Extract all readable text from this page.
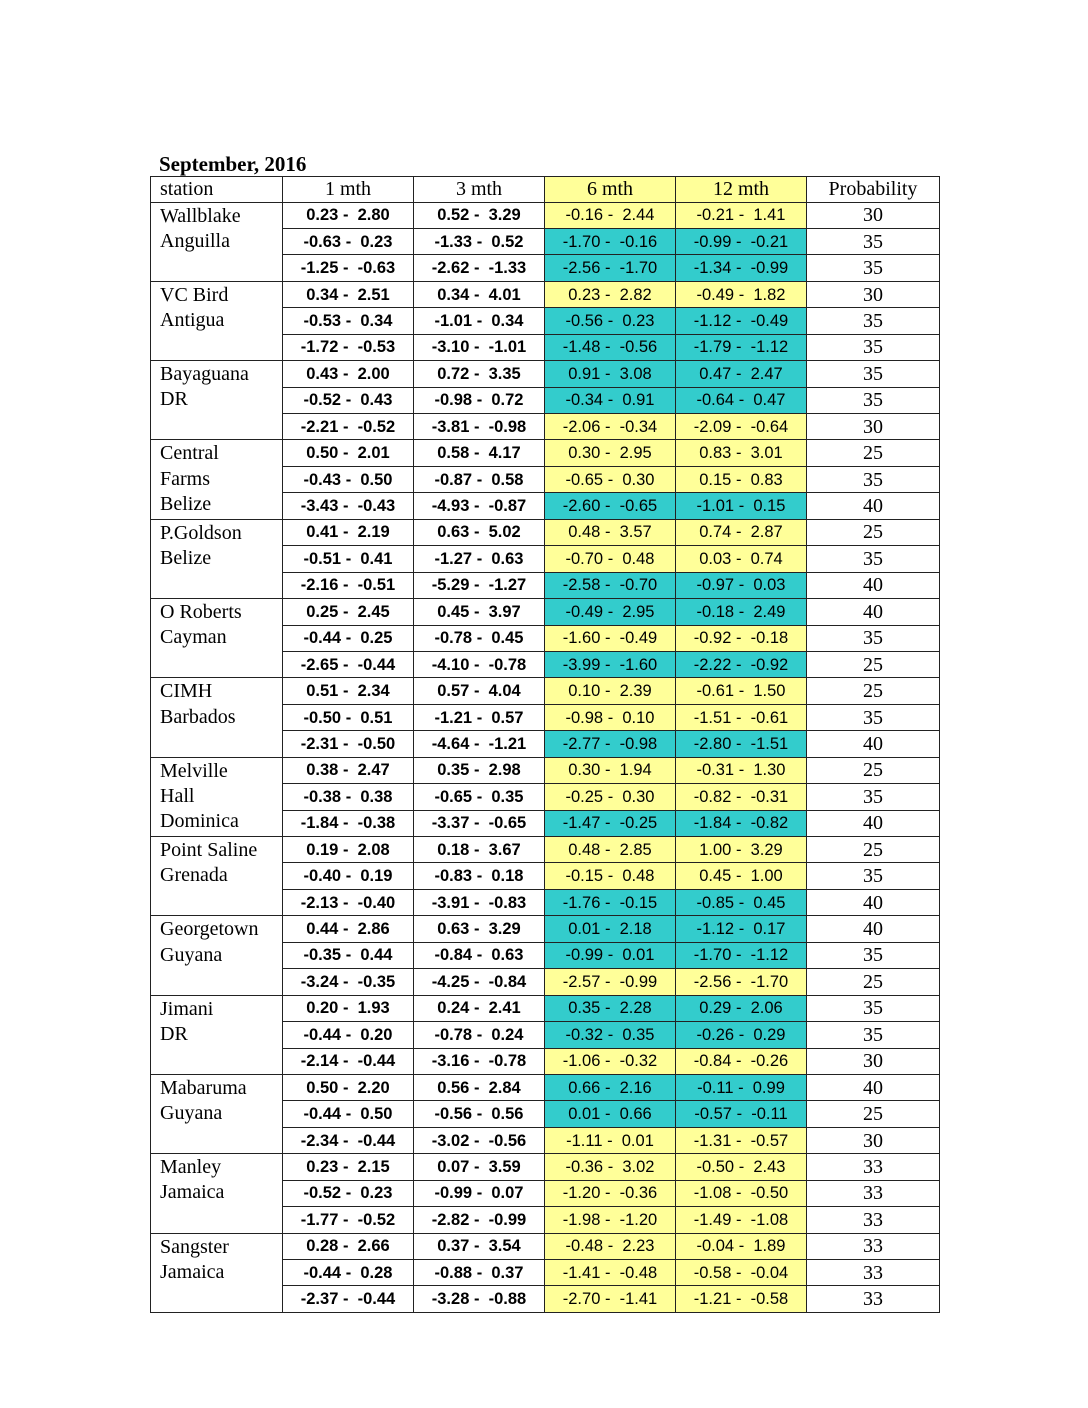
September, 2016
station	1 mth	3 mth	6 mth	12 mth	Probability

Wallblake
Anguilla	0.23 -  2.80	0.52 -  3.29	-0.16 -  2.44	-0.21 -  1.41	30
	-0.63 -  0.23	-1.33 -  0.52	-1.70 -  -0.16	-0.99 -  -0.21	35
	-1.25 -  -0.63	-2.62 -  -1.33	-2.56 -  -1.70	-1.34 -  -0.99	35

VC Bird
Antigua	0.34 -  2.51	0.34 -  4.01	0.23 -  2.82	-0.49 -  1.82	30
	-0.53 -  0.34	-1.01 -  0.34	-0.56 -  0.23	-1.12 -  -0.49	35
	-1.72 -  -0.53	-3.10 -  -1.01	-1.48 -  -0.56	-1.79 -  -1.12	35

Bayaguana
DR	0.43 -  2.00	0.72 -  3.35	0.91 -  3.08	0.47 -  2.47	35
	-0.52 -  0.43	-0.98 -  0.72	-0.34 -  0.91	-0.64 -  0.47	35
	-2.21 -  -0.52	-3.81 -  -0.98	-2.06 -  -0.34	-2.09 -  -0.64	30

Central
Farms
Belize	0.50 -  2.01	0.58 -  4.17	0.30 -  2.95	0.83 -  3.01	25
	-0.43 -  0.50	-0.87 -  0.58	-0.65 -  0.30	0.15 -  0.83	35
	-3.43 -  -0.43	-4.93 -  -0.87	-2.60 -  -0.65	-1.01 -  0.15	40

P.Goldson
Belize	0.41 -  2.19	0.63 -  5.02	0.48 -  3.57	0.74 -  2.87	25
	-0.51 -  0.41	-1.27 -  0.63	-0.70 -  0.48	0.03 -  0.74	35
	-2.16 -  -0.51	-5.29 -  -1.27	-2.58 -  -0.70	-0.97 -  0.03	40

O Roberts
Cayman	0.25 -  2.45	0.45 -  3.97	-0.49 -  2.95	-0.18 -  2.49	40
	-0.44 -  0.25	-0.78 -  0.45	-1.60 -  -0.49	-0.92 -  -0.18	35
	-2.65 -  -0.44	-4.10 -  -0.78	-3.99 -  -1.60	-2.22 -  -0.92	25

CIMH
Barbados	0.51 -  2.34	0.57 -  4.04	0.10 -  2.39	-0.61 -  1.50	25
	-0.50 -  0.51	-1.21 -  0.57	-0.98 -  0.10	-1.51 -  -0.61	35
	-2.31 -  -0.50	-4.64 -  -1.21	-2.77 -  -0.98	-2.80 -  -1.51	40

Melville
Hall
Dominica	0.38 -  2.47	0.35 -  2.98	0.30 -  1.94	-0.31 -  1.30	25
	-0.38 -  0.38	-0.65 -  0.35	-0.25 -  0.30	-0.82 -  -0.31	35
	-1.84 -  -0.38	-3.37 -  -0.65	-1.47 -  -0.25	-1.84 -  -0.82	40

Point Saline
Grenada	0.19 -  2.08	0.18 -  3.67	0.48 -  2.85	1.00 -  3.29	25
	-0.40 -  0.19	-0.83 -  0.18	-0.15 -  0.48	0.45 -  1.00	35
	-2.13 -  -0.40	-3.91 -  -0.83	-1.76 -  -0.15	-0.85 -  0.45	40

Georgetown
Guyana	0.44 -  2.86	0.63 -  3.29	0.01 -  2.18	-1.12 -  0.17	40
	-0.35 -  0.44	-0.84 -  0.63	-0.99 -  0.01	-1.70 -  -1.12	35
	-3.24 -  -0.35	-4.25 -  -0.84	-2.57 -  -0.99	-2.56 -  -1.70	25

Jimani
DR	0.20 -  1.93	0.24 -  2.41	0.35 -  2.28	0.29 -  2.06	35
	-0.44 -  0.20	-0.78 -  0.24	-0.32 -  0.35	-0.26 -  0.29	35
	-2.14 -  -0.44	-3.16 -  -0.78	-1.06 -  -0.32	-0.84 -  -0.26	30

Mabaruma
Guyana	0.50 -  2.20	0.56 -  2.84	0.66 -  2.16	-0.11 -  0.99	40
	-0.44 -  0.50	-0.56 -  0.56	0.01 -  0.66	-0.57 -  -0.11	25
	-2.34 -  -0.44	-3.02 -  -0.56	-1.11 -  0.01	-1.31 -  -0.57	30

Manley
Jamaica	0.23 -  2.15	0.07 -  3.59	-0.36 -  3.02	-0.50 -  2.43	33
	-0.52 -  0.23	-0.99 -  0.07	-1.20 -  -0.36	-1.08 -  -0.50	33
	-1.77 -  -0.52	-2.82 -  -0.99	-1.98 -  -1.20	-1.49 -  -1.08	33

Sangster
Jamaica	0.28 -  2.66	0.37 -  3.54	-0.48 -  2.23	-0.04 -  1.89	33
	-0.44 -  0.28	-0.88 -  0.37	-1.41 -  -0.48	-0.58 -  -0.04	33
	-2.37 -  -0.44	-3.28 -  -0.88	-2.70 -  -1.41	-1.21 -  -0.58	33
